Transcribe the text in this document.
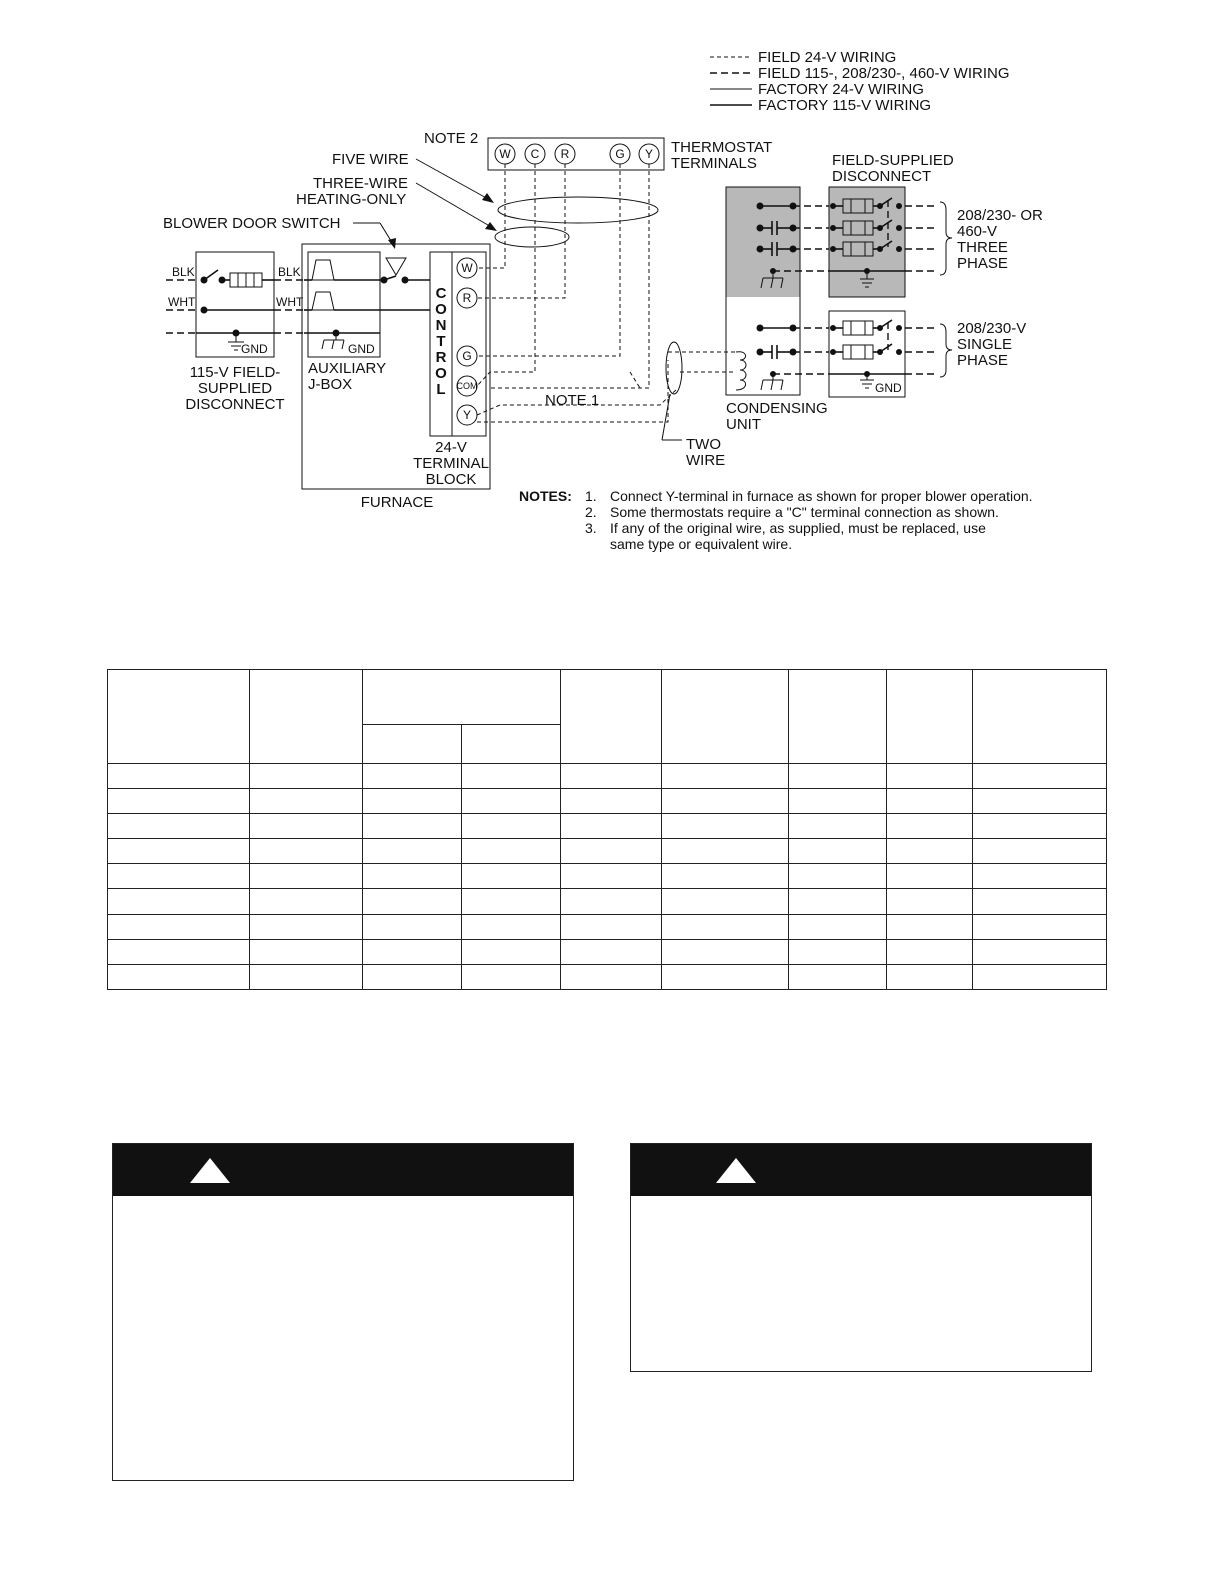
FIELD 24-V WIRING
FIELD 115-, 208/230-, 460-V WIRING
FACTORY 24-V WIRING
FACTORY 115-V WIRING
NOTE 2
W C R	G Y THERMOSTAT
TERMINALS
FIVE WIRE
THREE-WIRE
HEATING-ONLY
BLOWER DOOR SWITCH
BLK
WHT
GND
BLK
WHT
115-V FIELD-
SUPPLIED
DISCONNECT
GND
AUXILIARY
J-BOX
C
O
N
T
R
O
L
W
R
G
COM
Y
24-V
TERMINAL
BLOCK
FURNACE
NOTE 1
TWO
WIRE
CONDENSING
UNIT
FIELD-SUPPLIED
DISCONNECT
GND
208/230- OR
460-V
THREE
PHASE
208/230-V
SINGLE
PHASE
NOTES: 1. Connect Y-terminal in furnace as shown for proper blower operation.
2. Some thermostats require a "C" terminal connection as shown.
3. If any of the original wire, as supplied, must be replaced, use
same type or equivalent wire.
